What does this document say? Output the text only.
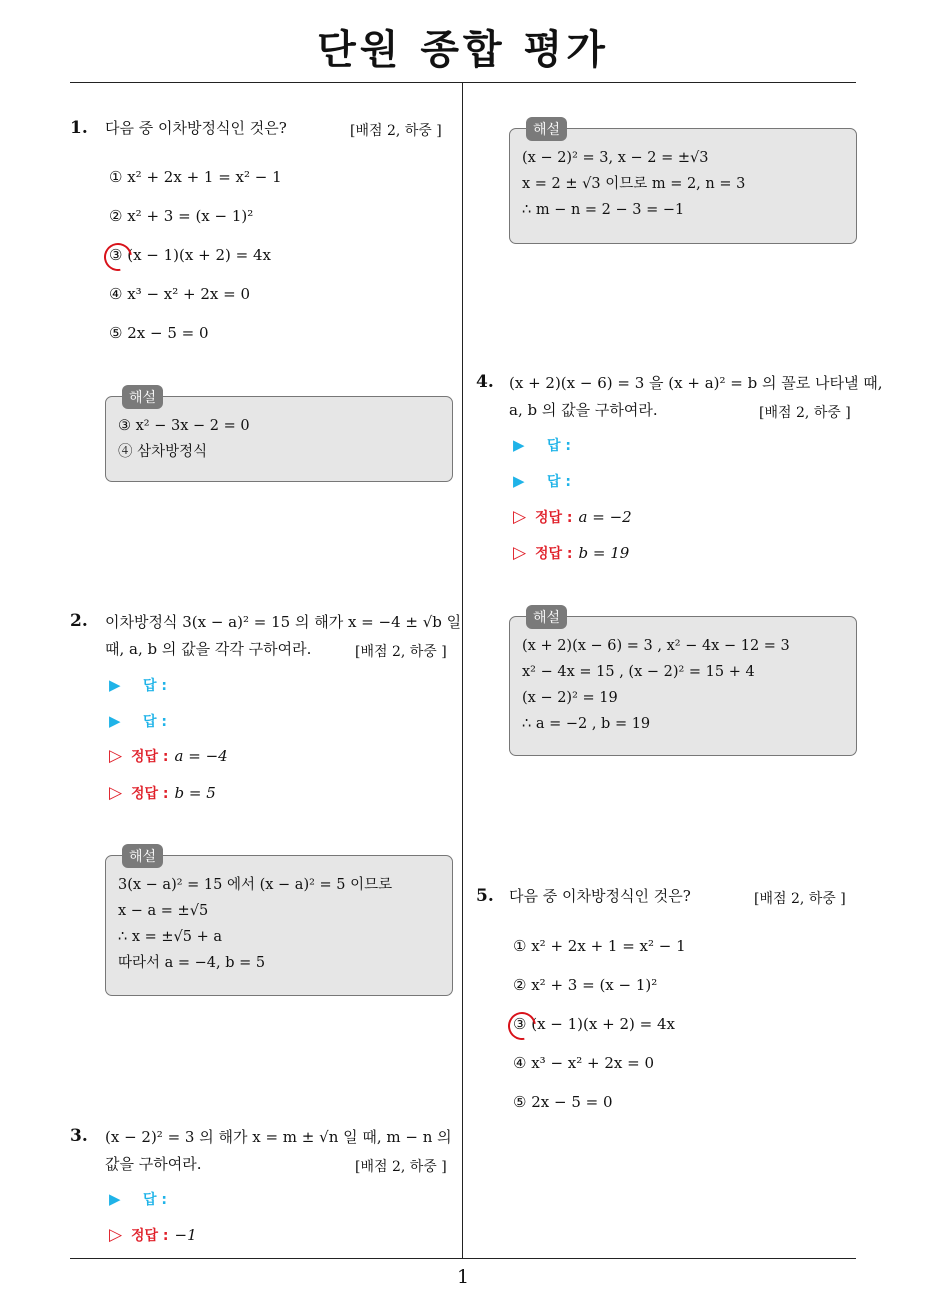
단원 종합 평가
1
1. 다음 중 이차방정식인 것은?	[배점 2, 하중 ]
① x² + 2x + 1 = x² − 1
② x² + 3 = (x − 1)²
③ (x − 1)(x + 2) = 4x
④ x³ − x² + 2x = 0
⑤ 2x − 5 = 0
해설
③ x² − 3x − 2 = 0
④ 삼차방정식
2. 이차방정식 3(x − a)² = 15 의 해가 x = −4 ± √b 일
때, a, b 의 값을 각각 구하여라.	[배점 2, 하중 ]
▶ 답 :
▶ 답 :
▷ 정답 : a = −4
▷ 정답 : b = 5
해설
3(x − a)² = 15 에서 (x − a)² = 5 이므로
x − a = ±√5
∴ x = ±√5 + a
따라서 a = −4, b = 5
3. (x − 2)² = 3 의 해가 x = m ± √n 일 때, m − n 의
값을 구하여라.	[배점 2, 하중 ]
▶ 답 :
▷ 정답 : −1
해설
(x − 2)² = 3, x − 2 = ±√3
x = 2 ± √3 이므로 m = 2, n = 3
∴ m − n = 2 − 3 = −1
4. (x + 2)(x − 6) = 3 을 (x + a)² = b 의 꼴로 나타낼 때,
a, b 의 값을 구하여라.	[배점 2, 하중 ]
▶ 답 :
▶ 답 :
▷ 정답 : a = −2
▷ 정답 : b = 19
해설
(x + 2)(x − 6) = 3 , x² − 4x − 12 = 3
x² − 4x = 15 , (x − 2)² = 15 + 4
(x − 2)² = 19
∴ a = −2 , b = 19
5. 다음 중 이차방정식인 것은?	[배점 2, 하중 ]
① x² + 2x + 1 = x² − 1
② x² + 3 = (x − 1)²
③ (x − 1)(x + 2) = 4x
④ x³ − x² + 2x = 0
⑤ 2x − 5 = 0
